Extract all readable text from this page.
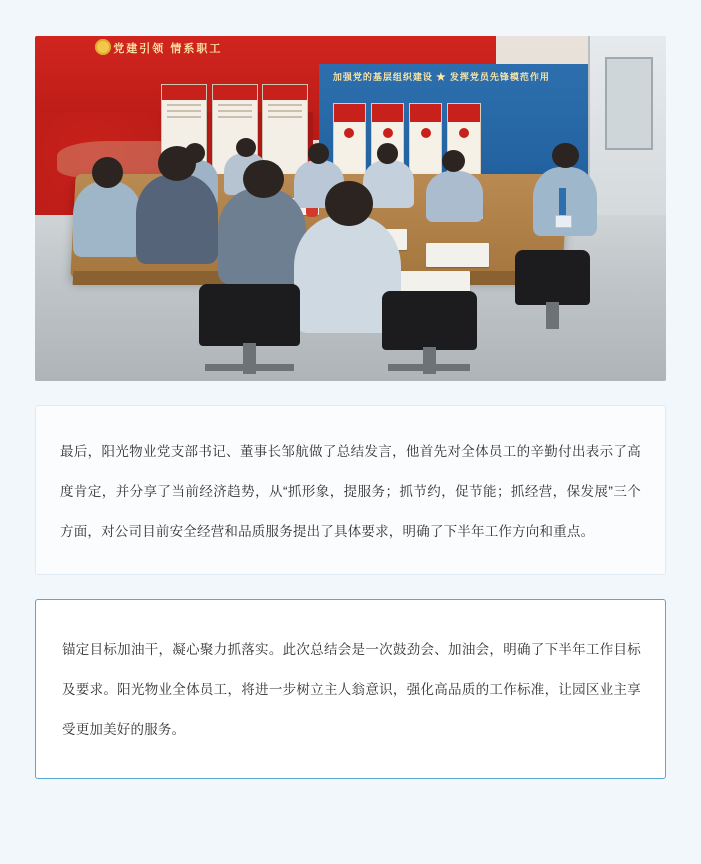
党建引领 情系职工
加强党的基层组织建设 ★ 发挥党员先锋模范作用

最后，阳光物业党支部书记、董事长邹航做了总结发言，他首先对全体员工的辛勤付出表示了高度肯定，并分享了当前经济趋势，从“抓形象，提服务；抓节约，促节能；抓经营，保发展”三个方面，对公司目前安全经营和品质服务提出了具体要求，明确了下半年工作方向和重点。

锚定目标加油干，凝心聚力抓落实。此次总结会是一次鼓劲会、加油会，明确了下半年工作目标及要求。阳光物业全体员工，将进一步树立主人翁意识，强化高品质的工作标准，让园区业主享受更加美好的服务。
